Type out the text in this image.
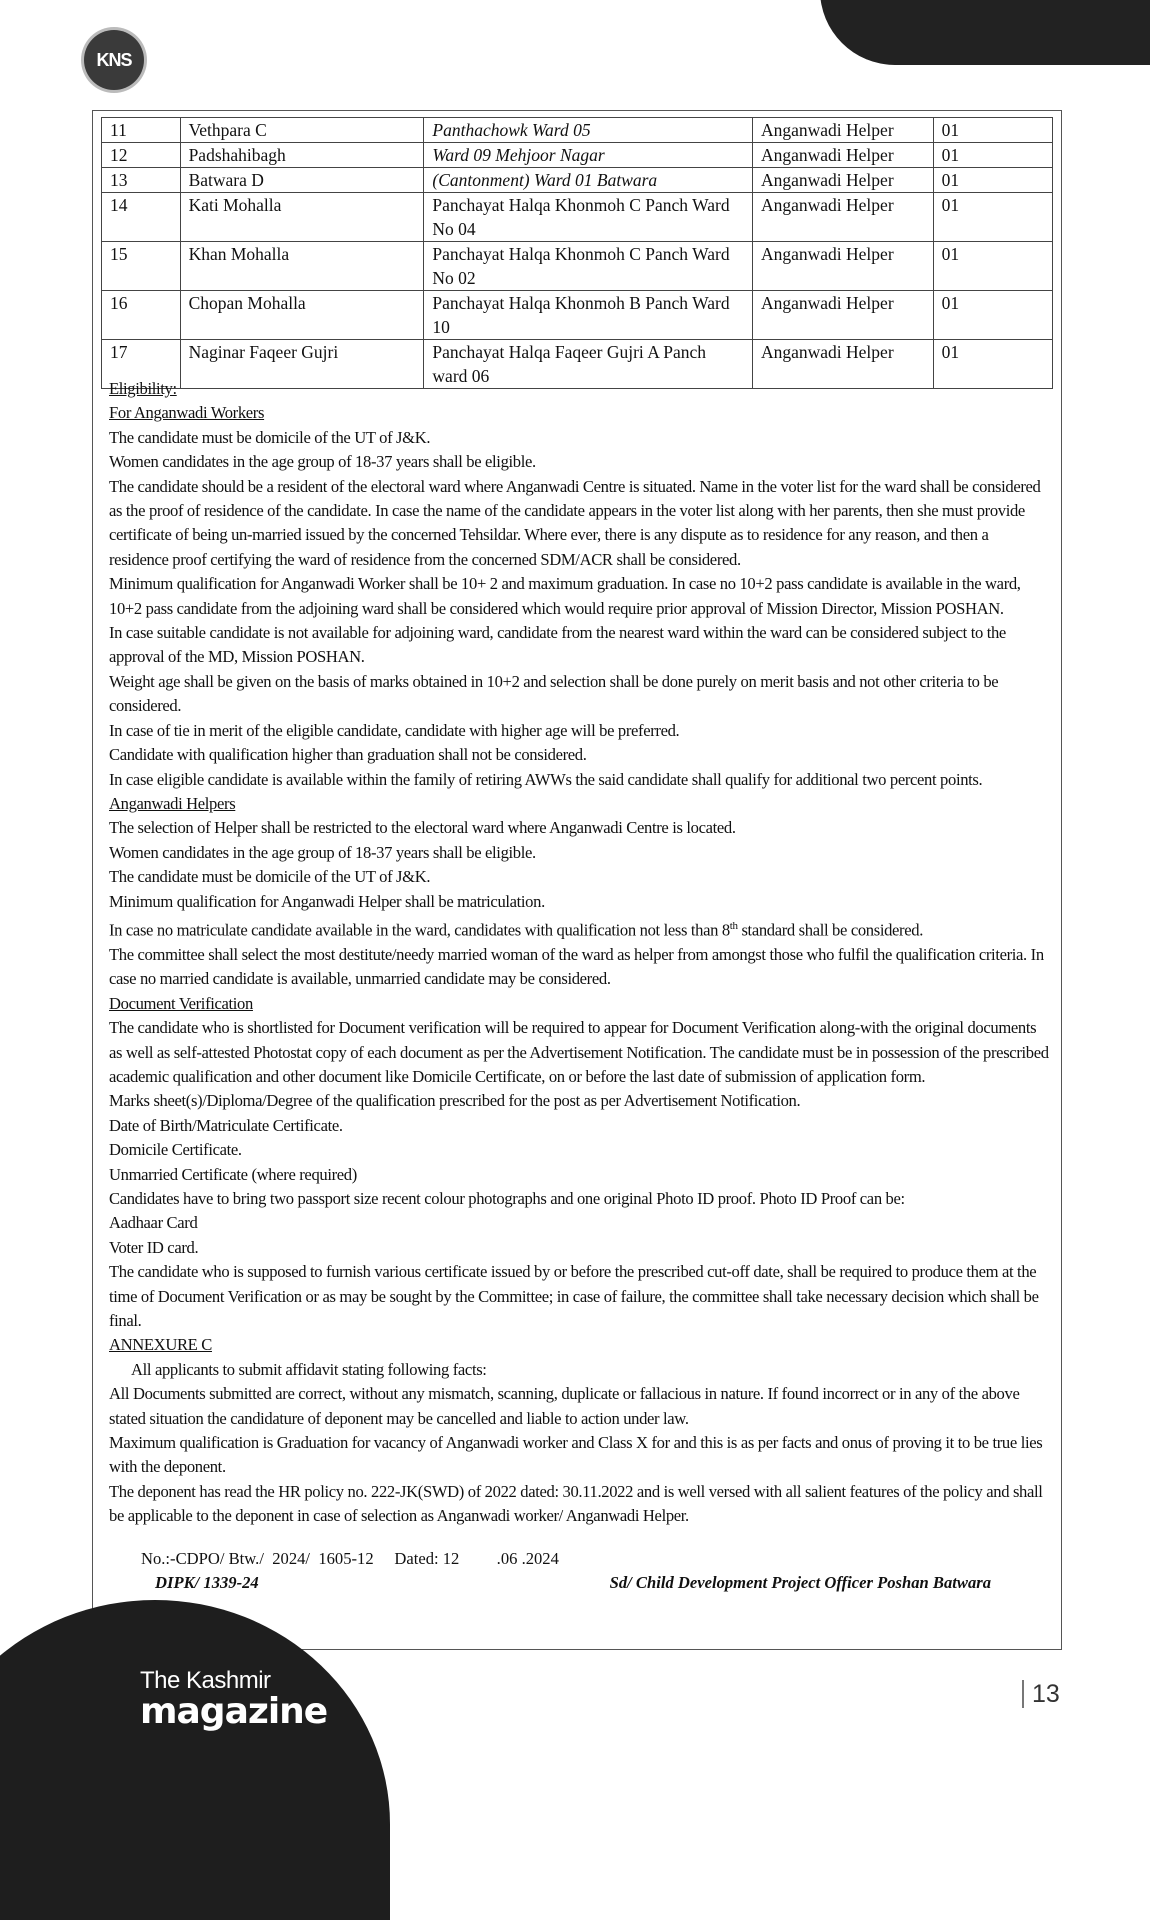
KNS
11	Vethpara C	Panthachowk Ward 05	Anganwadi Helper	01
12	Padshahibagh	Ward 09 Mehjoor Nagar	Anganwadi Helper	01
13	Batwara D	(Cantonment) Ward 01 Batwara	Anganwadi Helper	01
14	Kati Mohalla	Panchayat Halqa Khonmoh C Panch Ward No 04	Anganwadi Helper	01
15	Khan Mohalla	Panchayat Halqa Khonmoh C Panch Ward No 02	Anganwadi Helper	01
16	Chopan Mohalla	Panchayat Halqa Khonmoh B Panch Ward 10	Anganwadi Helper	01
17	Naginar Faqeer Gujri	Panchayat Halqa Faqeer Gujri A Panch ward 06	Anganwadi Helper	01

Eligibility:

For Anganwadi Workers

The candidate must be domicile of the UT of J&K.

Women candidates in the age group of 18-37 years shall be eligible.

The candidate should be a resident of the electoral ward where Anganwadi Centre is situated. Name in the voter list for the ward shall be considered as the proof of residence of the candidate. In case the name of the candidate appears in the voter list along with her parents, then she must provide certificate of being un-married issued by the concerned Tehsildar. Where ever, there is any dispute as to residence for any reason, and then a residence proof certifying the ward of residence from the concerned SDM/ACR shall be considered.

Minimum qualification for Anganwadi Worker shall be 10+ 2 and maximum graduation. In case no 10+2 pass candidate is available in the ward, 10+2 pass candidate from the adjoining ward shall be considered which would require prior approval of Mission Director, Mission POSHAN.

In case suitable candidate is not available for adjoining ward, candidate from the nearest ward within the ward can be considered subject to the approval of the MD, Mission POSHAN.

Weight age shall be given on the basis of marks obtained in 10+2 and selection shall be done purely on merit basis and not other criteria to be considered.

In case of tie in merit of the eligible candidate, candidate with higher age will be preferred.

Candidate with qualification higher than graduation shall not be considered.

In case eligible candidate is available within the family of retiring AWWs the said candidate shall qualify for additional two percent points.

Anganwadi Helpers

The selection of Helper shall be restricted to the electoral ward where Anganwadi Centre is located.

Women candidates in the age group of 18-37 years shall be eligible.

The candidate must be domicile of the UT of J&K.

Minimum qualification for Anganwadi Helper shall be matriculation.

In case no matriculate candidate available in the ward, candidates with qualification not less than 8th standard shall be considered.

The committee shall select the most destitute/needy married woman of the ward as helper from amongst those who fulfil the qualification criteria. In case no married candidate is available, unmarried candidate may be considered.

Document Verification

The candidate who is shortlisted for Document verification will be required to appear for Document Verification along-with the original documents as well as self-attested Photostat copy of each document as per the Advertisement Notification. The candidate must be in possession of the prescribed academic qualification and other document like Domicile Certificate, on or before the last date of submission of application form.

Marks sheet(s)/Diploma/Degree of the qualification prescribed for the post as per Advertisement Notification.

Date of Birth/Matriculate Certificate.

Domicile Certificate.

Unmarried Certificate (where required)

Candidates have to bring two passport size recent colour photographs and one original Photo ID proof. Photo ID Proof can be:

Aadhaar Card

Voter ID card.

The candidate who is supposed to furnish various certificate issued by or before the prescribed cut-off date, shall be required to produce them at the time of Document Verification or as may be sought by the Committee; in case of failure, the committee shall take necessary decision which shall be final.

ANNEXURE C

All applicants to submit affidavit stating following facts:

All Documents submitted are correct, without any mismatch, scanning, duplicate or fallacious in nature. If found incorrect or in any of the above stated situation the candidature of deponent may be cancelled and liable to action under law.

Maximum qualification is Graduation for vacancy of Anganwadi worker and Class X for and this is as per facts and onus of proving it to be true lies with the deponent.

The deponent has read the HR policy no. 222-JK(SWD) of 2022 dated: 30.11.2022 and is well versed with all salient features of the policy and shall be applicable to the deponent in case of selection as Anganwadi worker/ Anganwadi Helper.

No.:-CDPO/ Btw./  2024/  1605-12     Dated: 12         .06 .2024
DIPK/ 1339-24	Sd/ Child Development Project Officer Poshan Batwara
The Kashmir
magazine	13
